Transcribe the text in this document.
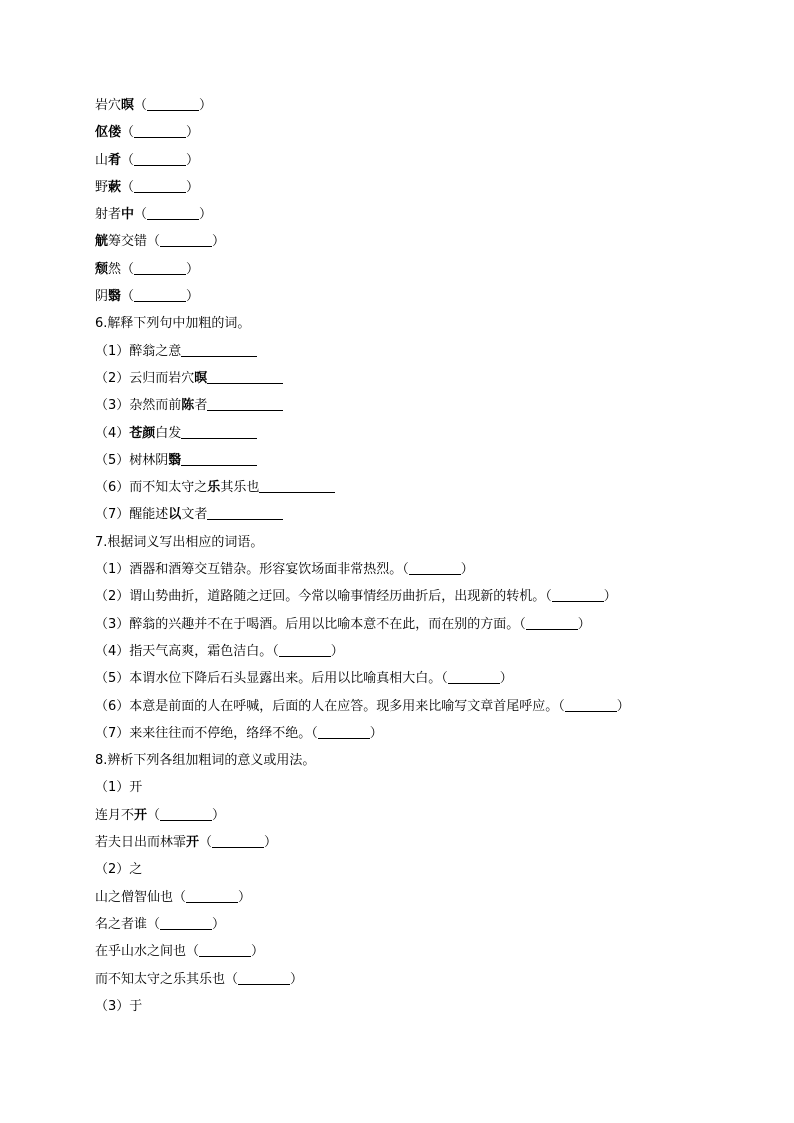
岩穴暝（	）
伛偻（	）
山肴（	）
野蔌（	）
射者中（	）
觥筹交错（	）
颓然（	）
阴翳（	）
6.解释下列句中加粗的词。
（1）醉翁之意
（2）云归而岩穴暝
（3）杂然而前陈者
（4）苍颜白发
（5）树林阴翳
（6）而不知太守之乐其乐也
（7）醒能述以文者
7.根据词义写出相应的词语。
（1）酒器和酒筹交互错杂。形容宴饮场面非常热烈。（	）
（2）谓山势曲折，道路随之迂回。今常以喻事情经历曲折后，出现新的转机。（	）
（3）醉翁的兴趣并不在于喝酒。后用以比喻本意不在此，而在别的方面。（	）
（4）指天气高爽，霜色洁白。（	）
（5）本谓水位下降后石头显露出来。后用以比喻真相大白。（	）
（6）本意是前面的人在呼喊，后面的人在应答。现多用来比喻写文章首尾呼应。（	）
（7）来来往往而不停绝，络绎不绝。（	）
8.辨析下列各组加粗词的意义或用法。
（1）开
连月不开（	）
若夫日出而林霏开（	）
（2）之
山之僧智仙也（	）
名之者谁（	）
在乎山水之间也（	）
而不知太守之乐其乐也（	）
（3）于
